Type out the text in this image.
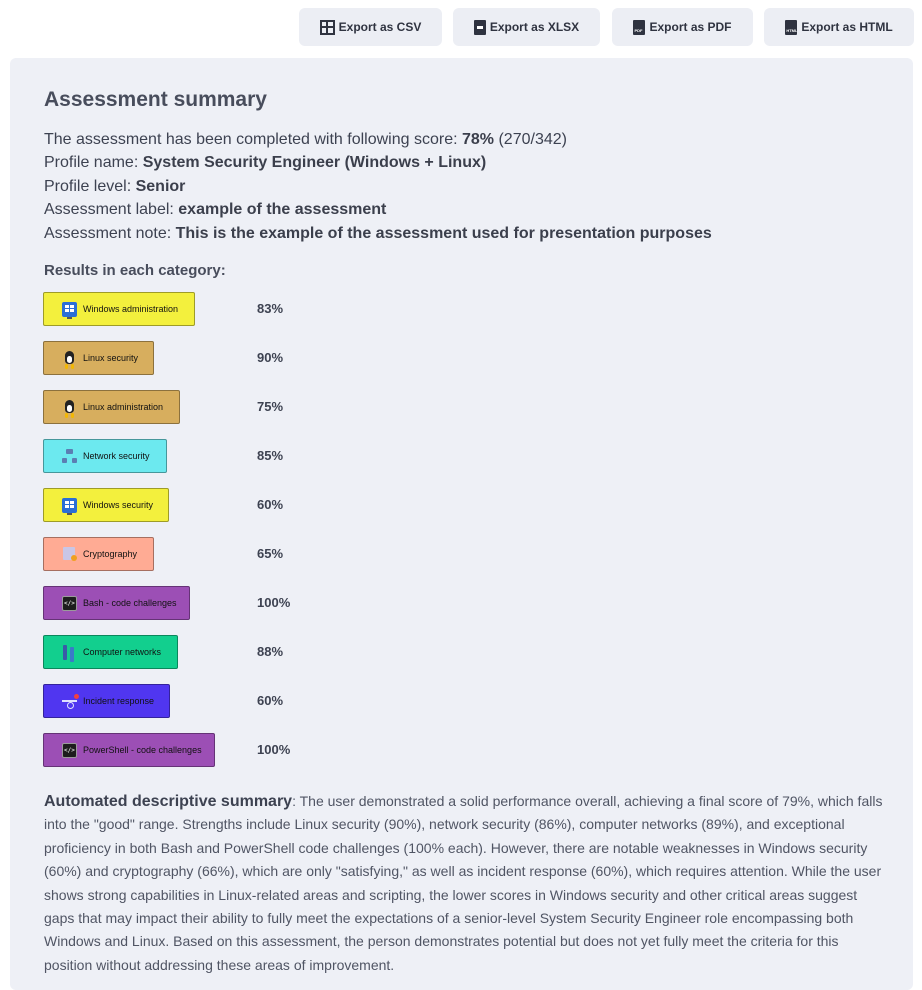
Export as CSV	Export as XLSX	PDF Export as PDF	HTML Export as HTML
Assessment summary
The assessment has been completed with following score: 78% (270/342)
Profile name: System Security Engineer (Windows + Linux)
Profile level: Senior
Assessment label: example of the assessment
Assessment note: This is the example of the assessment used for presentation purposes
Results in each category:
Windows administration	83%
Linux security	90%
Linux administration	75%
Network security	85%
Windows security	60%
Cryptography	65%
</>
Bash - code challenges	100%
Computer networks	88%
Incident response	60%
</>
PowerShell - code challenges	100%

Automated descriptive summary: The user demonstrated a solid performance overall, achieving a final score of 79%, which falls into the "good" range. Strengths include Linux security (90%), network security (86%), computer networks (89%), and exceptional proficiency in both Bash and PowerShell code challenges (100% each). However, there are notable weaknesses in Windows security (60%) and cryptography (66%), which are only "satisfying," as well as incident response (60%), which requires attention. While the user shows strong capabilities in Linux-related areas and scripting, the lower scores in Windows security and other critical areas suggest gaps that may impact their ability to fully meet the expectations of a senior-level System Security Engineer role encompassing both Windows and Linux. Based on this assessment, the person demonstrates potential but does not yet fully meet the criteria for this position without addressing these areas of improvement.
